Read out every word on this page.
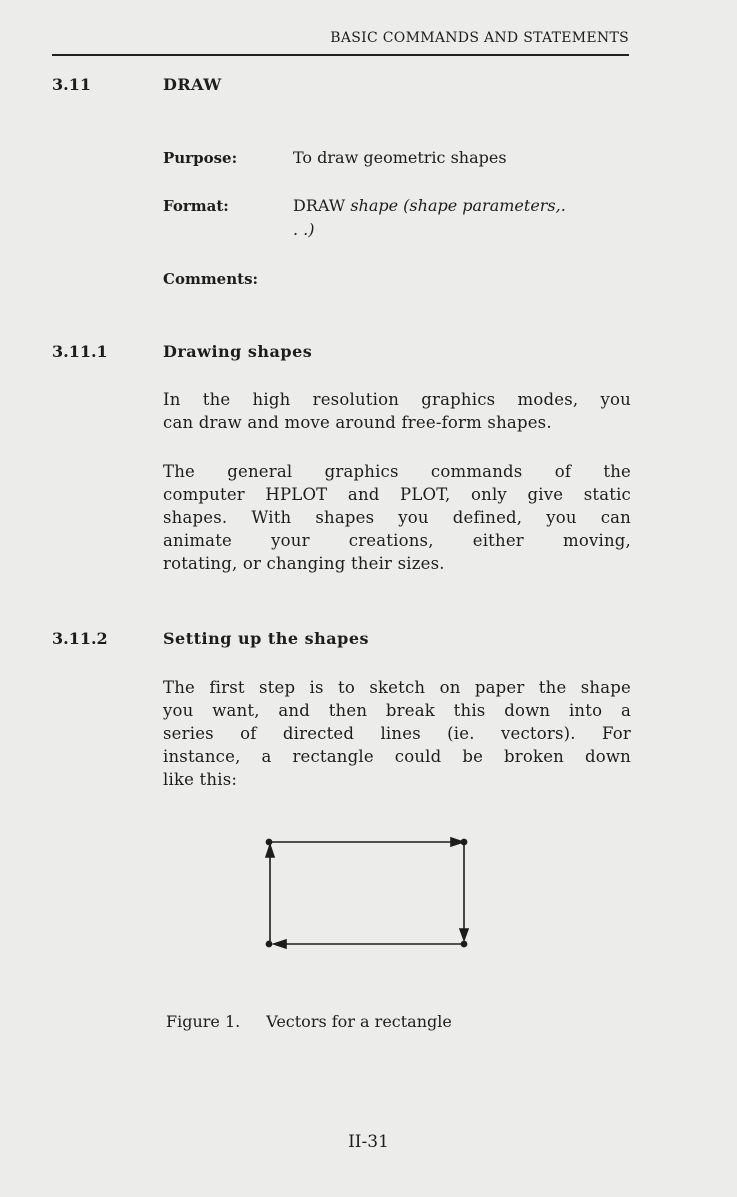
BASIC COMMANDS AND STATEMENTS
3.11	DRAW
Purpose:	To draw geometric shapes
Format:	DRAW shape (shape parameters,.
. .)
Comments:
3.11.1	Drawing shapes
In the high resolution graphics modes, you
can draw and move around free-form shapes.
The general graphics commands of the
computer HPLOT and PLOT, only give static
shapes. With shapes you defined, you can
animate your creations, either moving,
rotating, or changing their sizes.
3.11.2	Setting up the shapes
The first step is to sketch on paper the shape
you want, and then break this down into a
series of directed lines (ie. vectors). For
instance, a rectangle could be broken down
like this:
Figure 1. Vectors for a rectangle
II-31
